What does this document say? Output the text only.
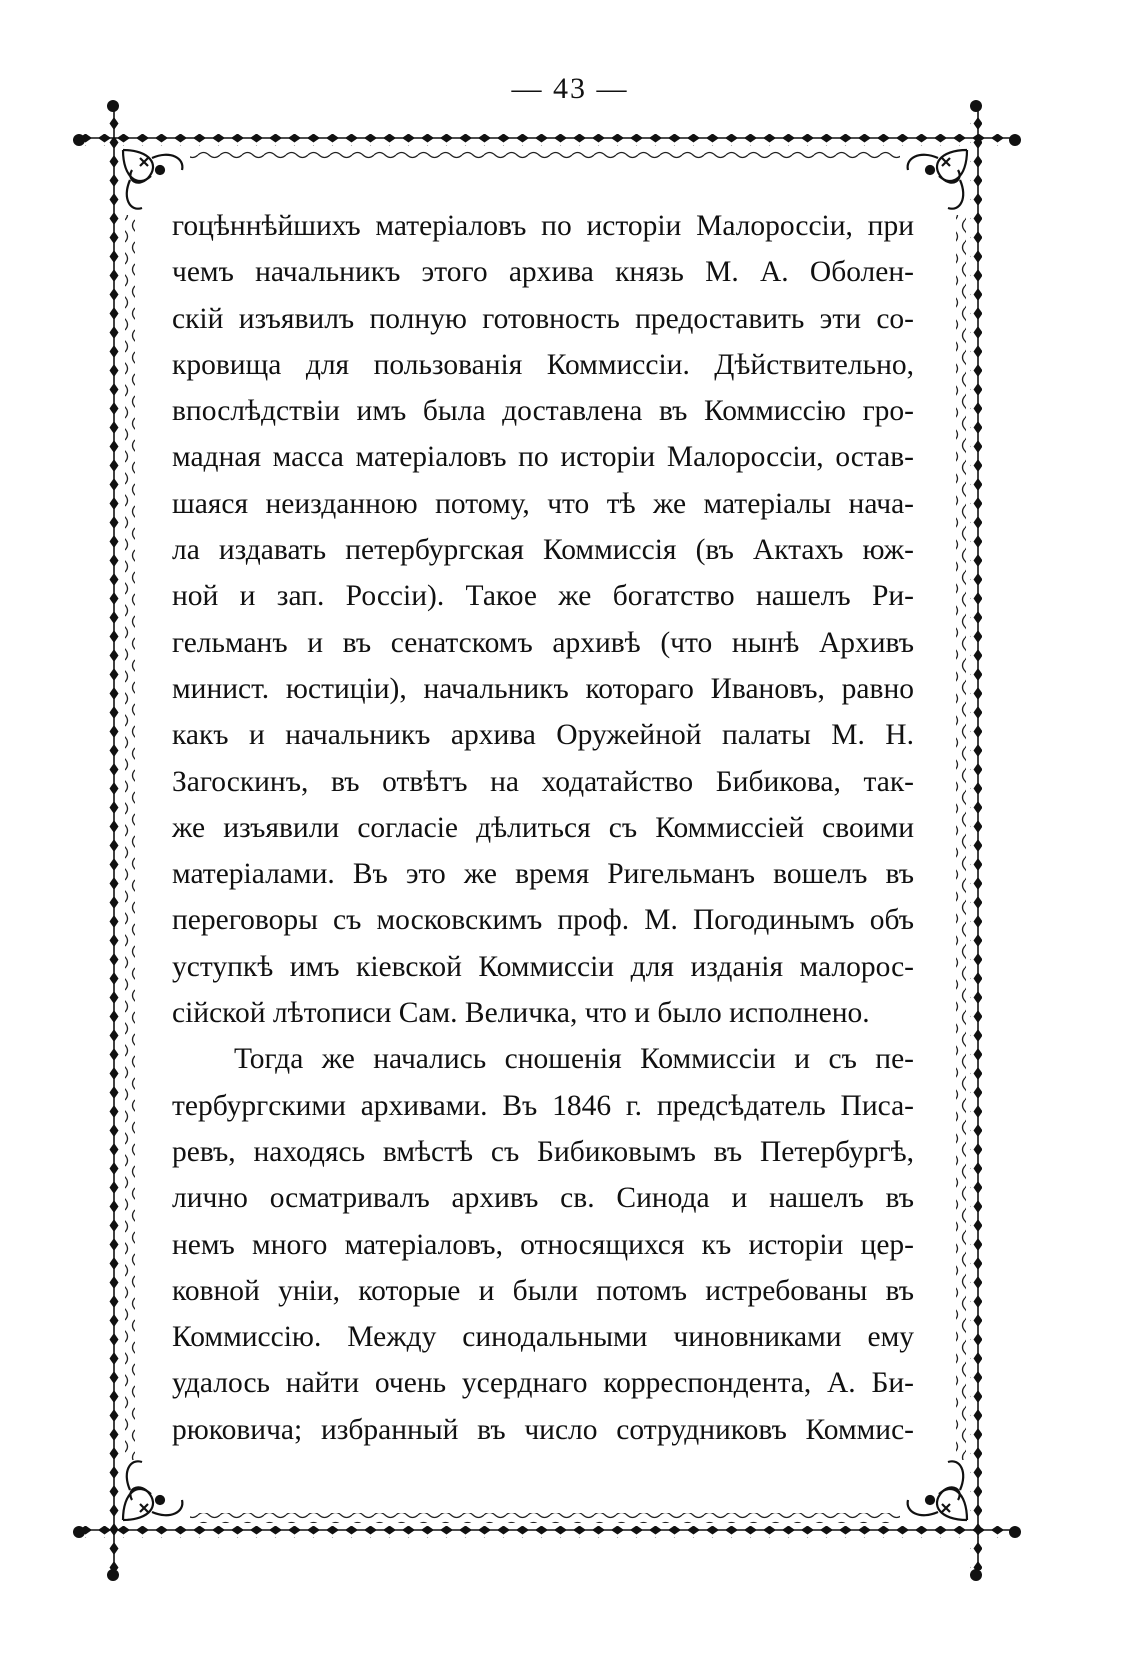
— 43 —
гоцѣннѣйшихъ матеріаловъ по исторіи Малороссіи, при
чемъ начальникъ этого архива князь М. А. Оболен-
скій изъявилъ полную готовность предоставить эти со-
кровища для пользованія Коммиссіи. Дѣйствительно,
впослѣдствіи имъ была доставлена въ Коммиссію гро-
мадная масса матеріаловъ по исторіи Малороссіи, остав-
шаяся неизданною потому, что тѣ же матеріалы нача-
ла издавать петербургская Коммиссія (въ Актахъ юж-
ной и зап. Россіи). Такое же богатство нашелъ Ри-
гельманъ и въ сенатскомъ архивѣ (что нынѣ Архивъ
минист. юстиціи), начальникъ котораго Ивановъ, равно
какъ и начальникъ архива Оружейной палаты М. Н.
Загоскинъ, въ отвѣтъ на ходатайство Бибикова, так-
же изъявили согласіе дѣлиться съ Коммиссіей своими
матеріалами. Въ это же время Ригельманъ вошелъ въ
переговоры съ московскимъ проф. М. Погодинымъ объ
уступкѣ имъ кіевской Коммиссіи для изданія малорос-
сійской лѣтописи Сам. Величка, что и было исполнено.
Тогда же начались сношенія Коммиссіи и съ пе-
тербургскими архивами. Въ 1846 г. предсѣдатель Писа-
ревъ, находясь вмѣстѣ съ Бибиковымъ въ Петербургѣ,
лично осматривалъ архивъ св. Синода и нашелъ въ
немъ много матеріаловъ, относящихся къ исторіи цер-
ковной уніи, которые и были потомъ истребованы въ
Коммиссію. Между синодальными чиновниками ему
удалось найти очень усерднаго корреспондента, А. Би-
рюковича; избранный въ число сотрудниковъ Коммис-
